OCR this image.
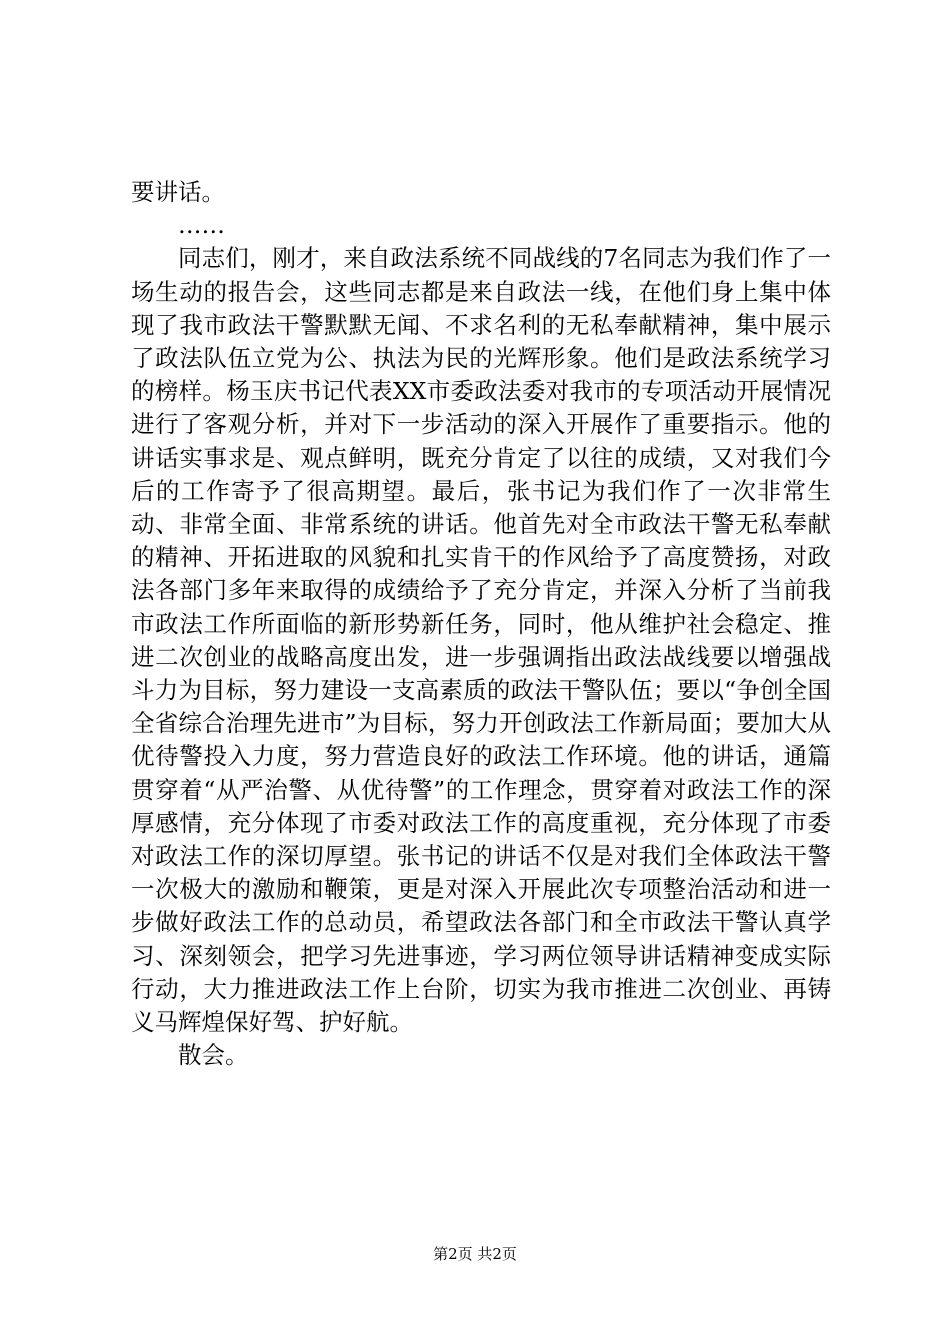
要讲话。

……

同志们，刚才，来自政法系统不同战线的7名同志为我们作了一场生动的报告会，这些同志都是来自政法一线，在他们身上集中体现了我市政法干警默默无闻、不求名利的无私奉献精神，集中展示了政法队伍立党为公、执法为民的光辉形象。他们是政法系统学习的榜样。杨玉庆书记代表XX市委政法委对我市的专项活动开展情况进行了客观分析，并对下一步活动的深入开展作了重要指示。他的讲话实事求是、观点鲜明，既充分肯定了以往的成绩，又对我们今后的工作寄予了很高期望。最后，张书记为我们作了一次非常生动、非常全面、非常系统的讲话。他首先对全市政法干警无私奉献的精神、开拓进取的风貌和扎实肯干的作风给予了高度赞扬，对政法各部门多年来取得的成绩给予了充分肯定，并深入分析了当前我市政法工作所面临的新形势新任务，同时，他从维护社会稳定、推进二次创业的战略高度出发，进一步强调指出政法战线要以增强战斗力为目标，努力建设一支高素质的政法干警队伍；要以“争创全国全省综合治理先进市”为目标，努力开创政法工作新局面；要加大从优待警投入力度，努力营造良好的政法工作环境。他的讲话，通篇贯穿着“从严治警、从优待警”的工作理念，贯穿着对政法工作的深厚感情，充分体现了市委对政法工作的高度重视，充分体现了市委对政法工作的深切厚望。张书记的讲话不仅是对我们全体政法干警一次极大的激励和鞭策，更是对深入开展此次专项整治活动和进一步做好政法工作的总动员，希望政法各部门和全市政法干警认真学习、深刻领会，把学习先进事迹，学习两位领导讲话精神变成实际行动，大力推进政法工作上台阶，切实为我市推进二次创业、再铸义马辉煌保好驾、护好航。

散会。

第2页 共2页
